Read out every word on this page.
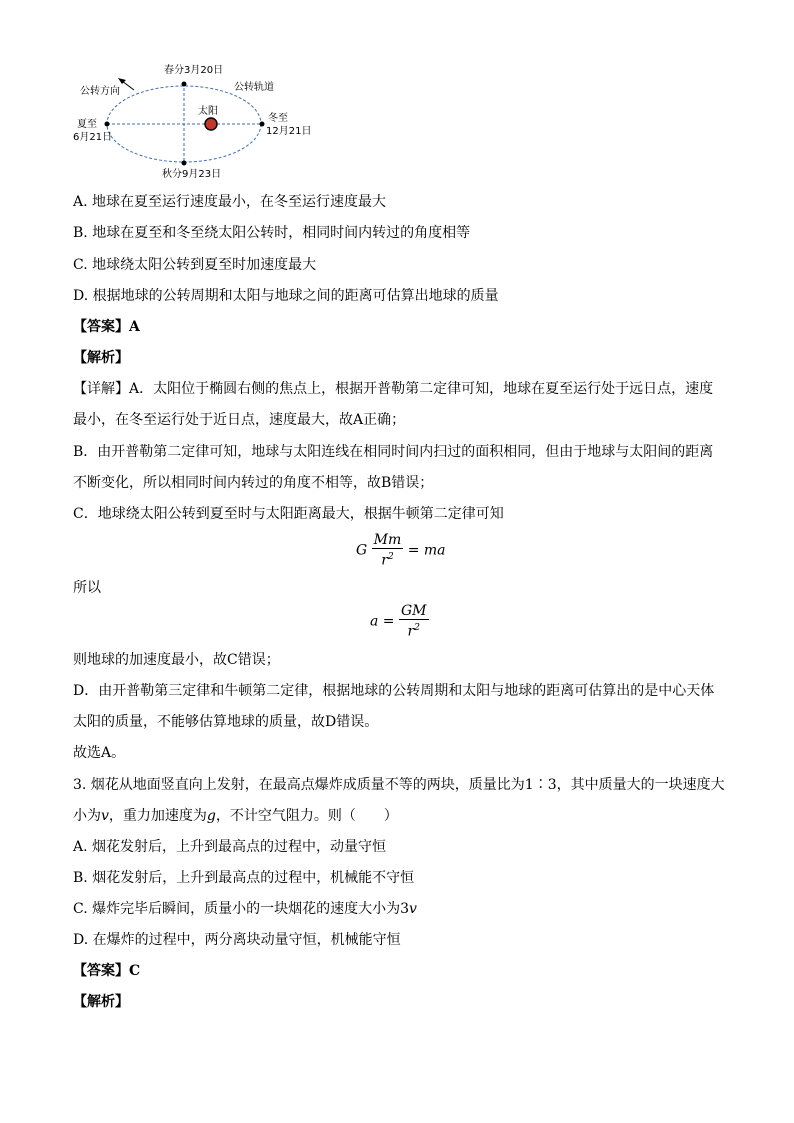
春分3月20日
公转方向	公转轨道
太阳
夏至
6月21日
冬至
12月21日
秋分9月23日
A. 地球在夏至运行速度最小，在冬至运行速度最大
B. 地球在夏至和冬至绕太阳公转时，相同时间内转过的角度相等
C. 地球绕太阳公转到夏至时加速度最大
D. 根据地球的公转周期和太阳与地球之间的距离可估算出地球的质量
【答案】A
【解析】
【详解】A．太阳位于椭圆右侧的焦点上，根据开普勒第二定律可知，地球在夏至运行处于远日点，速度
最小，在冬至运行处于近日点，速度最大，故A正确；
B．由开普勒第二定律可知，地球与太阳连线在相同时间内扫过的面积相同，但由于地球与太阳间的距离
不断变化，所以相同时间内转过的角度不相等，故B错误；
C．地球绕太阳公转到夏至时与太阳距离最大，根据牛顿第二定律可知
G $\frac{Mm}{r^2}$ = ma
所以
$a = \frac{GM}{r^2}$
则地球的加速度最小，故C错误；
D．由开普勒第三定律和牛顿第二定律，根据地球的公转周期和太阳与地球的距离可估算出的是中心天体
太阳的质量，不能够估算地球的质量，故D错误。
故选A。
3. 烟花从地面竖直向上发射，在最高点爆炸成质量不等的两块，质量比为1∶3，其中质量大的一块速度大
小为v，重力加速度为g，不计空气阻力。则（　　）
A. 烟花发射后，上升到最高点的过程中，动量守恒
B. 烟花发射后，上升到最高点的过程中，机械能不守恒
C. 爆炸完毕后瞬间，质量小的一块烟花的速度大小为3v
D. 在爆炸的过程中，两分离块动量守恒，机械能守恒
【答案】C
【解析】
